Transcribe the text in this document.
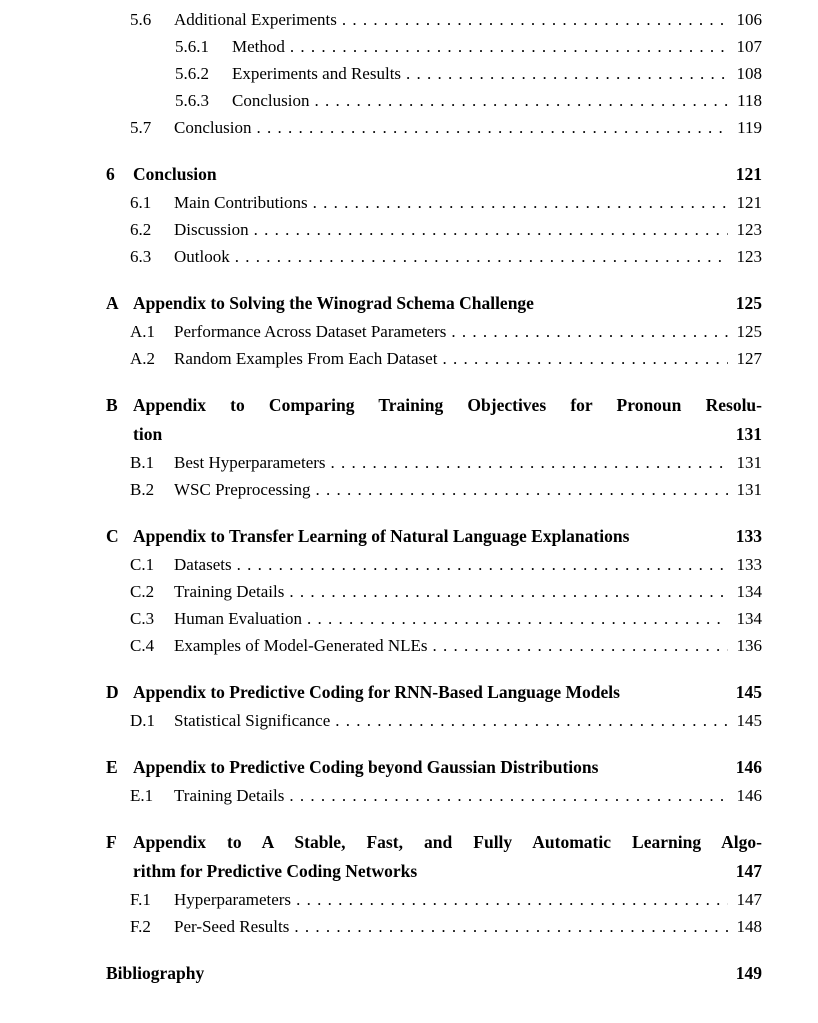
5.6	Additional Experiments . . .	106
5.6.1	Method . . .	107
5.6.2	Experiments and Results . . .	108
5.6.3	Conclusion . . .	118
5.7	Conclusion . . .	119
6	Conclusion	121
6.1	Main Contributions . . .	121
6.2	Discussion . . .	123
6.3	Outlook . . .	123
A Appendix to Solving the Winograd Schema Challenge	125
A.1	Performance Across Dataset Parameters . . .	125
A.2	Random Examples From Each Dataset . . .	127
B Appendix to Comparing Training Objectives for Pronoun Resolu-
tion	131
B.1	Best Hyperparameters . . .	131
B.2	WSC Preprocessing . . .	131
C Appendix to Transfer Learning of Natural Language Explanations	133
C.1	Datasets . . .	133
C.2	Training Details . . .	134
C.3	Human Evaluation . . .	134
C.4	Examples of Model-Generated NLEs . . .	136
D Appendix to Predictive Coding for RNN-Based Language Models	145
D.1	Statistical Significance . . .	145
E Appendix to Predictive Coding beyond Gaussian Distributions	146
E.1	Training Details . . .	146
F Appendix to A Stable, Fast, and Fully Automatic Learning Algo-
rithm for Predictive Coding Networks	147
F.1	Hyperparameters . . .	147
F.2	Per-Seed Results . . .	148
Bibliography	149
